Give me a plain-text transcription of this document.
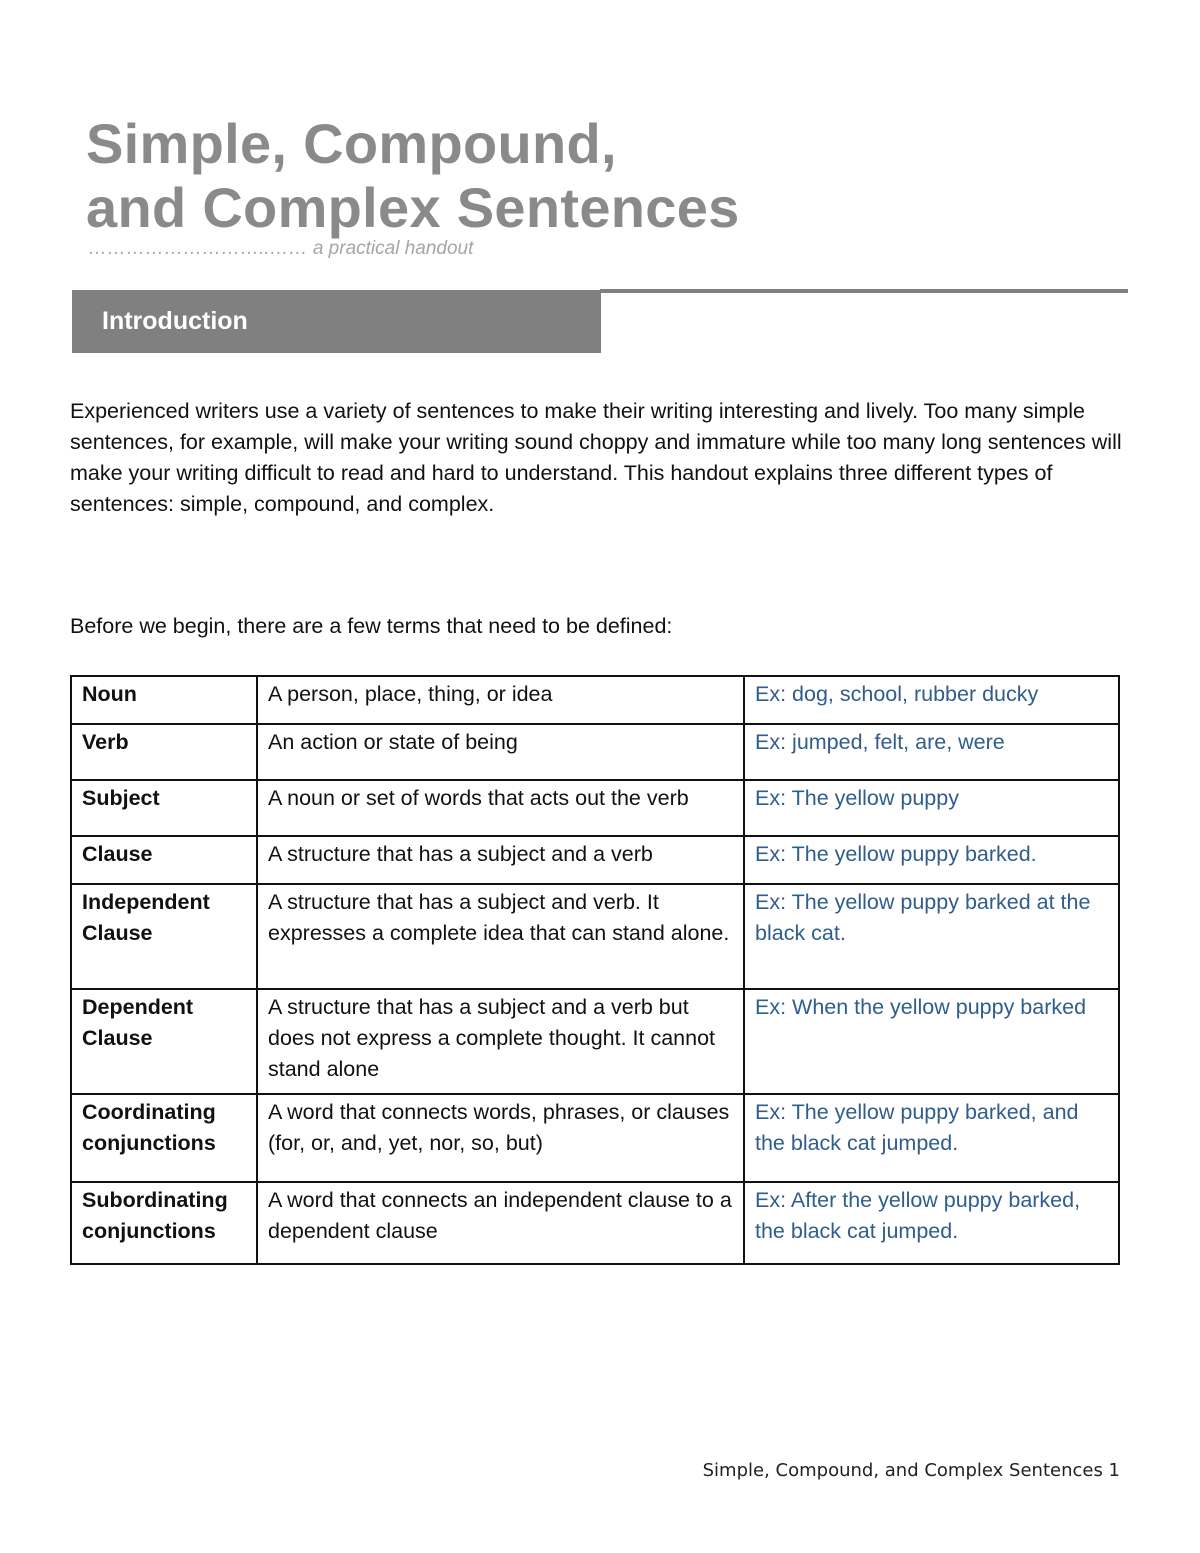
Simple, Compound,
and Complex Sentences
………………………..…… a practical handout
Introduction

Experienced writers use a variety of sentences to make their writing interesting and lively. Too many simple sentences, for example, will make your writing sound choppy and immature while too many long sentences will make your writing difficult to read and hard to understand. This handout explains three different types of sentences: simple, compound, and complex.

Before we begin, there are a few terms that need to be defined:

Noun	A person, place, thing, or idea	Ex: dog, school, rubber ducky
Verb	An action or state of being	Ex: jumped, felt, are, were
Subject	A noun or set of words that acts out the verb	Ex: The yellow puppy
Clause	A structure that has a subject and a verb	Ex: The yellow puppy barked.
Independent Clause	A structure that has a subject and verb. It expresses a complete idea that can stand alone.	Ex: The yellow puppy barked at the black cat.
Dependent Clause	A structure that has a subject and a verb but does not express a complete thought. It cannot stand alone	Ex: When the yellow puppy barked
Coordinating conjunctions	A word that connects words, phrases, or clauses (for, or, and, yet, nor, so, but)	Ex: The yellow puppy barked, and the black cat jumped.
Subordinating conjunctions	A word that connects an independent clause to a dependent clause	Ex: After the yellow puppy barked, the black cat jumped.
Simple, Compound, and Complex Sentences 1
